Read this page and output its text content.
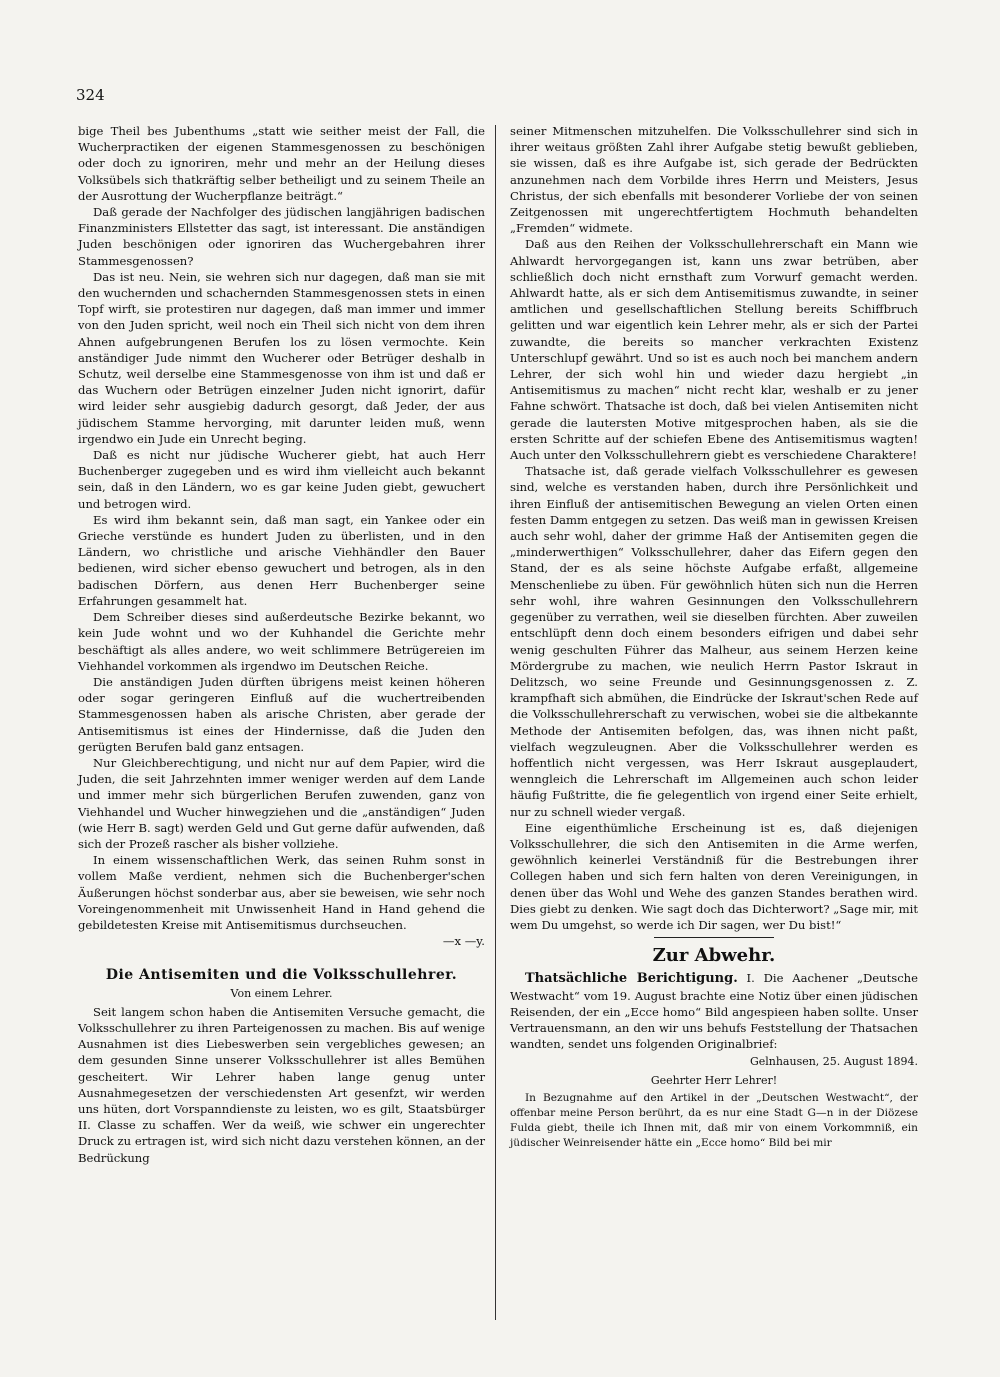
324

bige Theil bes Jubenthums „statt wie seither meist der Fall, die Wucherpractiken der eigenen Stammesgenossen zu beschönigen oder doch zu ignoriren, mehr und mehr an der Heilung dieses Volksübels sich thatkräftig selber betheiligt und zu seinem Theile an der Ausrottung der Wucherpflanze beiträgt.“

Daß gerade der Nachfolger des jüdischen langjährigen badischen Finanzministers Ellstetter das sagt, ist interessant. Die anständigen Juden beschönigen oder ignoriren das Wuchergebahren ihrer Stammesgenossen?

Das ist neu. Nein, sie wehren sich nur dagegen, daß man sie mit den wuchernden und schachernden Stammesgenossen stets in einen Topf wirft, sie protestiren nur dagegen, daß man immer und immer von den Juden spricht, weil noch ein Theil sich nicht von dem ihren Ahnen aufgebrungenen Berufen los zu lösen vermochte. Kein anständiger Jude nimmt den Wucherer oder Betrüger deshalb in Schutz, weil derselbe eine Stammesgenosse von ihm ist und daß er das Wuchern oder Betrügen einzelner Juden nicht ignorirt, dafür wird leider sehr ausgiebig dadurch gesorgt, daß Jeder, der aus jüdischem Stamme hervorging, mit darunter leiden muß, wenn irgendwo ein Jude ein Unrecht beging.

Daß es nicht nur jüdische Wucherer giebt, hat auch Herr Buchenberger zugegeben und es wird ihm vielleicht auch bekannt sein, daß in den Ländern, wo es gar keine Juden giebt, gewuchert und betrogen wird.

Es wird ihm bekannt sein, daß man sagt, ein Yankee oder ein Grieche verstünde es hundert Juden zu überlisten, und in den Ländern, wo christliche und arische Viehhändler den Bauer bedienen, wird sicher ebenso gewuchert und betrogen, als in den badischen Dörfern, aus denen Herr Buchenberger seine Erfahrungen gesammelt hat.

Dem Schreiber dieses sind außerdeutsche Bezirke bekannt, wo kein Jude wohnt und wo der Kuhhandel die Gerichte mehr beschäftigt als alles andere, wo weit schlimmere Betrügereien im Viehhandel vorkommen als irgendwo im Deutschen Reiche.

Die anständigen Juden dürften übrigens meist keinen höheren oder sogar geringeren Einfluß auf die wuchertreibenden Stammesgenossen haben als arische Christen, aber gerade der Antisemitismus ist eines der Hindernisse, daß die Juden den gerügten Berufen bald ganz entsagen.

Nur Gleichberechtigung, und nicht nur auf dem Papier, wird die Juden, die seit Jahrzehnten immer weniger werden auf dem Lande und immer mehr sich bürgerlichen Berufen zuwenden, ganz von Viehhandel und Wucher hinwegziehen und die „anständigen“ Juden (wie Herr B. sagt) werden Geld und Gut gerne dafür aufwenden, daß sich der Prozeß rascher als bisher vollziehe.

In einem wissenschaftlichen Werk, das seinen Ruhm sonst in vollem Maße verdient, nehmen sich die Buchenberger'schen Äußerungen höchst sonderbar aus, aber sie beweisen, wie sehr noch Voreingenommenheit mit Unwissenheit Hand in Hand gehend die gebildetesten Kreise mit Antisemitismus durchseuchen.

—x —y.

Die Antisemiten und die Volksschullehrer.
Von einem Lehrer.

Seit langem schon haben die Antisemiten Versuche gemacht, die Volksschullehrer zu ihren Parteigenossen zu machen. Bis auf wenige Ausnahmen ist dies Liebeswerben sein vergebliches gewesen; an dem gesunden Sinne unserer Volksschullehrer ist alles Bemühen gescheitert. Wir Lehrer haben lange genug unter Ausnahmegesetzen der verschiedensten Art gesenfzt, wir werden uns hüten, dort Vorspanndienste zu leisten, wo es gilt, Staatsbürger II. Classe zu schaffen. Wer da weiß, wie schwer ein ungerechter Druck zu ertragen ist, wird sich nicht dazu verstehen können, an der Bedrückung

seiner Mitmenschen mitzuhelfen. Die Volksschullehrer sind sich in ihrer weitaus größten Zahl ihrer Aufgabe stetig bewußt geblieben, sie wissen, daß es ihre Aufgabe ist, sich gerade der Bedrückten anzunehmen nach dem Vorbilde ihres Herrn und Meisters, Jesus Christus, der sich ebenfalls mit besonderer Vorliebe der von seinen Zeitgenossen mit ungerechtfertigtem Hochmuth behandelten „Fremden“ widmete.

Daß aus den Reihen der Volksschullehrerschaft ein Mann wie Ahlwardt hervorgegangen ist, kann uns zwar betrüben, aber schließlich doch nicht ernsthaft zum Vorwurf gemacht werden. Ahlwardt hatte, als er sich dem Antisemitismus zuwandte, in seiner amtlichen und gesellschaftlichen Stellung bereits Schiffbruch gelitten und war eigentlich kein Lehrer mehr, als er sich der Partei zuwandte, die bereits so mancher verkrachten Existenz Unterschlupf gewährt. Und so ist es auch noch bei manchem andern Lehrer, der sich wohl hin und wieder dazu hergiebt „in Antisemitismus zu machen“ nicht recht klar, weshalb er zu jener Fahne schwört. Thatsache ist doch, daß bei vielen Antisemiten nicht gerade die lautersten Motive mitgesprochen haben, als sie die ersten Schritte auf der schiefen Ebene des Antisemitismus wagten! Auch unter den Volksschullehrern giebt es verschiedene Charaktere!

Thatsache ist, daß gerade vielfach Volksschullehrer es gewesen sind, welche es verstanden haben, durch ihre Persönlichkeit und ihren Einfluß der antisemitischen Bewegung an vielen Orten einen festen Damm entgegen zu setzen. Das weiß man in gewissen Kreisen auch sehr wohl, daher der grimme Haß der Antisemiten gegen die „minderwerthigen“ Volksschullehrer, daher das Eifern gegen den Stand, der es als seine höchste Aufgabe erfaßt, allgemeine Menschenliebe zu üben. Für gewöhnlich hüten sich nun die Herren sehr wohl, ihre wahren Gesinnungen den Volksschullehrern gegenüber zu verrathen, weil sie dieselben fürchten. Aber zuweilen entschlüpft denn doch einem besonders eifrigen und dabei sehr wenig geschulten Führer das Malheur, aus seinem Herzen keine Mördergrube zu machen, wie neulich Herrn Pastor Iskraut in Delitzsch, wo seine Freunde und Gesinnungsgenossen z. Z. krampfhaft sich abmühen, die Eindrücke der Iskraut'schen Rede auf die Volksschullehrerschaft zu verwischen, wobei sie die altbekannte Methode der Antisemiten befolgen, das, was ihnen nicht paßt, vielfach wegzuleugnen. Aber die Volksschullehrer werden es hoffentlich nicht vergessen, was Herr Iskraut ausgeplaudert, wenngleich die Lehrerschaft im Allgemeinen auch schon leider häufig Fußtritte, die fie gelegentlich von irgend einer Seite erhielt, nur zu schnell wieder vergaß.

Eine eigenthümliche Erscheinung ist es, daß diejenigen Volksschullehrer, die sich den Antisemiten in die Arme werfen, gewöhnlich keinerlei Verständniß für die Bestrebungen ihrer Collegen haben und sich fern halten von deren Vereinigungen, in denen über das Wohl und Wehe des ganzen Standes berathen wird. Dies giebt zu denken. Wie sagt doch das Dichterwort? „Sage mir, mit wem Du umgehst, so werde ich Dir sagen, wer Du bist!“

Zur Abwehr.

Thatsächliche Berichtigung. I. Die Aachener „Deutsche Westwacht“ vom 19. August brachte eine Notiz über einen jüdischen Reisenden, der ein „Ecce homo“ Bild angespieen haben sollte. Unser Vertrauensmann, an den wir uns behufs Feststellung der Thatsachen wandten, sendet uns folgenden Originalbrief:

Gelnhausen, 25. August 1894.
Geehrter Herr Lehrer!

In Bezugnahme auf den Artikel in der „Deutschen Westwacht“, der offenbar meine Person berührt, da es nur eine Stadt G—n in der Diözese Fulda giebt, theile ich Ihnen mit, daß mir von einem Vorkommniß, ein jüdischer Weinreisender hätte ein „Ecce homo“ Bild bei mir
